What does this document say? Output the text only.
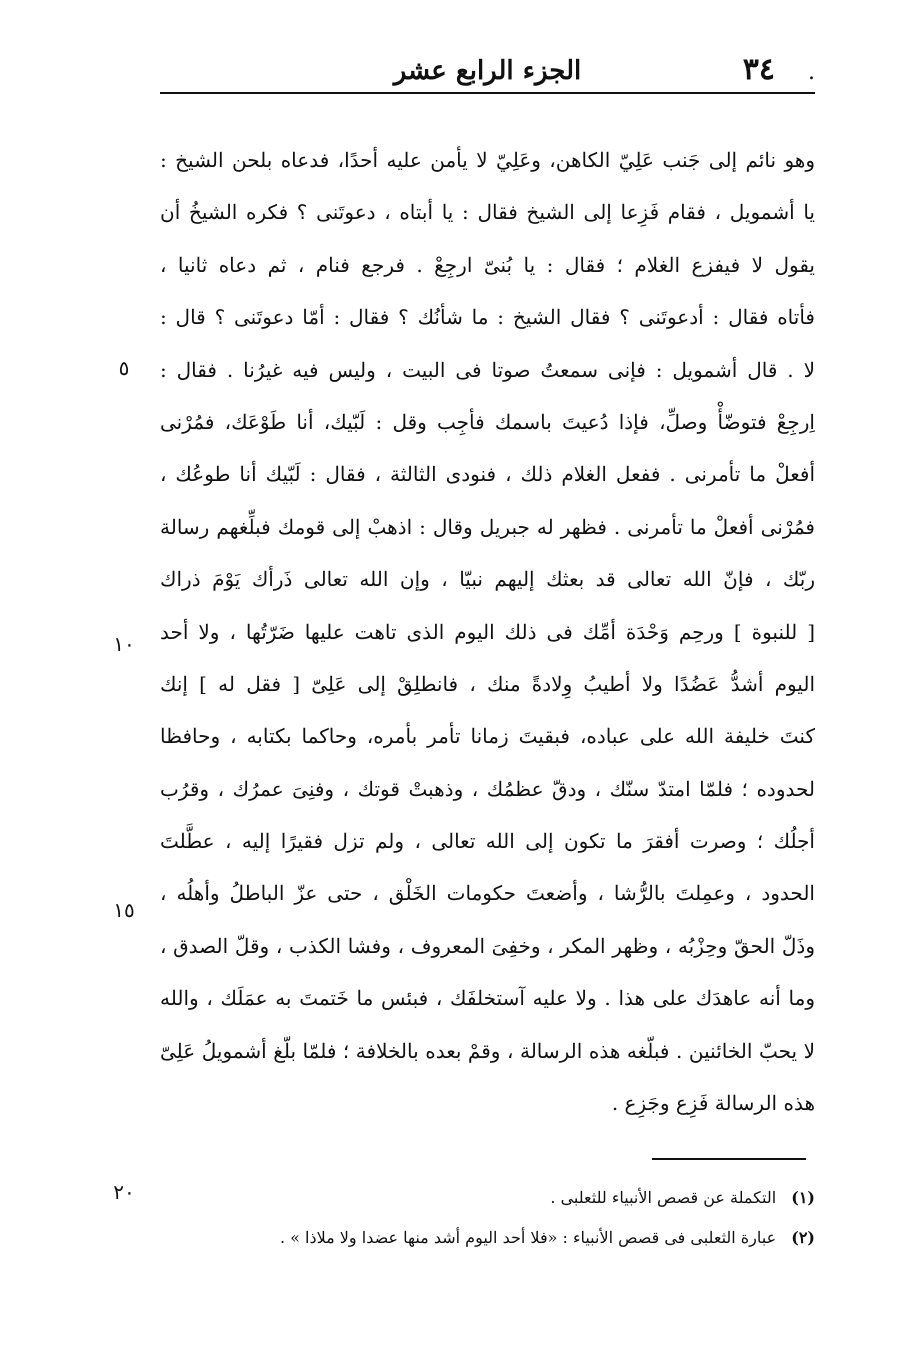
.
٣٤
الجزء الرابع عشر
وهو نائم إلى جَنب عَلِيّ الكاهن، وعَلِيّ لا يأمن عليه أحدًا، فدعاه بلحن الشيخ :
يا أشمويل ، فقام فَزِعا إلى الشيخ فقال : يا أبتاه ، دعوتَنى ؟ فكره الشيخُ أن
يقول لا فيفزع الغلام ؛ فقال : يا بُنىّ ارجِعْ . فرجع فنام ، ثم دعاه ثانيا ،
فأتاه فقال : أدعوتَنى ؟ فقال الشيخ : ما شأنُك ؟ فقال : أمّا دعوتَنى ؟ قال :
لا . قال أشمويل : فإنى سمعتُ صوتا فى البيت ، وليس فيه غيرُنا . فقال :
اِرجِعْ فتوضّأْ وصلِّ، فإذا دُعيتَ باسمك فأجِب وقل : لَبّيك، أنا طَوْعَك، فمُرْنى
أفعلْ ما تأمرنى . ففعل الغلام ذلك ، فنودى الثالثة ، فقال : لَبّيك أنا طوعُك ،
فمُرْنى أفعلْ ما تأمرنى . فظهر له جبريل وقال : اذهبْ إلى قومك فبلِّغهم رسالة
ربّك ، فإنّ الله تعالى قد بعثك إليهم نبيّا ، وإن الله تعالى ذَرأك يَوْمَ ذراك
[ للنبوة ] ورحِم وَحْدَة أمِّك فى ذلك اليوم الذى تاهت عليها ضَرّتُها ، ولا أحد
اليوم أشدُّ عَضُدًا ولا أطيبُ وِلادةً منك ، فانطلِقْ إلى عَلِىّ [ فقل له ] إنك
كنتَ خليفة الله على عباده، فبقيتَ زمانا تأمر بأمره، وحاكما بكتابه ، وحافظا
لحدوده ؛ فلمّا امتدّ سنّك ، ودقّ عظمُك ، وذهبتْ قوتك ، وفنِىَ عمرُك ، وقرُب
أجلُك ؛ وصرت أفقرَ ما تكون إلى الله تعالى ، ولم تزل فقيرًا إليه ، عطَّلتَ
الحدود ، وعمِلتَ بالرُّشا ، وأضعتَ حكومات الخَلْق ، حتى عزّ الباطلُ وأهلُه ،
وذَلّ الحقّ وحِزْبُه ، وظهر المكر ، وخفِىَ المعروف ، وفشا الكذب ، وقلّ الصدق ،
وما أنه عاهدَك على هذا . ولا عليه آستخلفَك ، فبئس ما خَتمتَ به عمَلَك ، والله
لا يحبّ الخائنين . فبلّغه هذه الرسالة ، وقمْ بعده بالخلافة ؛ فلمّا بلّغ أشمويلُ عَلِىّ
هذه الرسالة فَزِع وجَزِع .
٥
١٠
١٥
٢٠	(١) التكملة عن قصص الأنبياء للثعلبى .
(٢) عبارة الثعلبى فى قصص الأنبياء : «فلا أحد اليوم أشد منها عضدا ولا ملاذا » .
